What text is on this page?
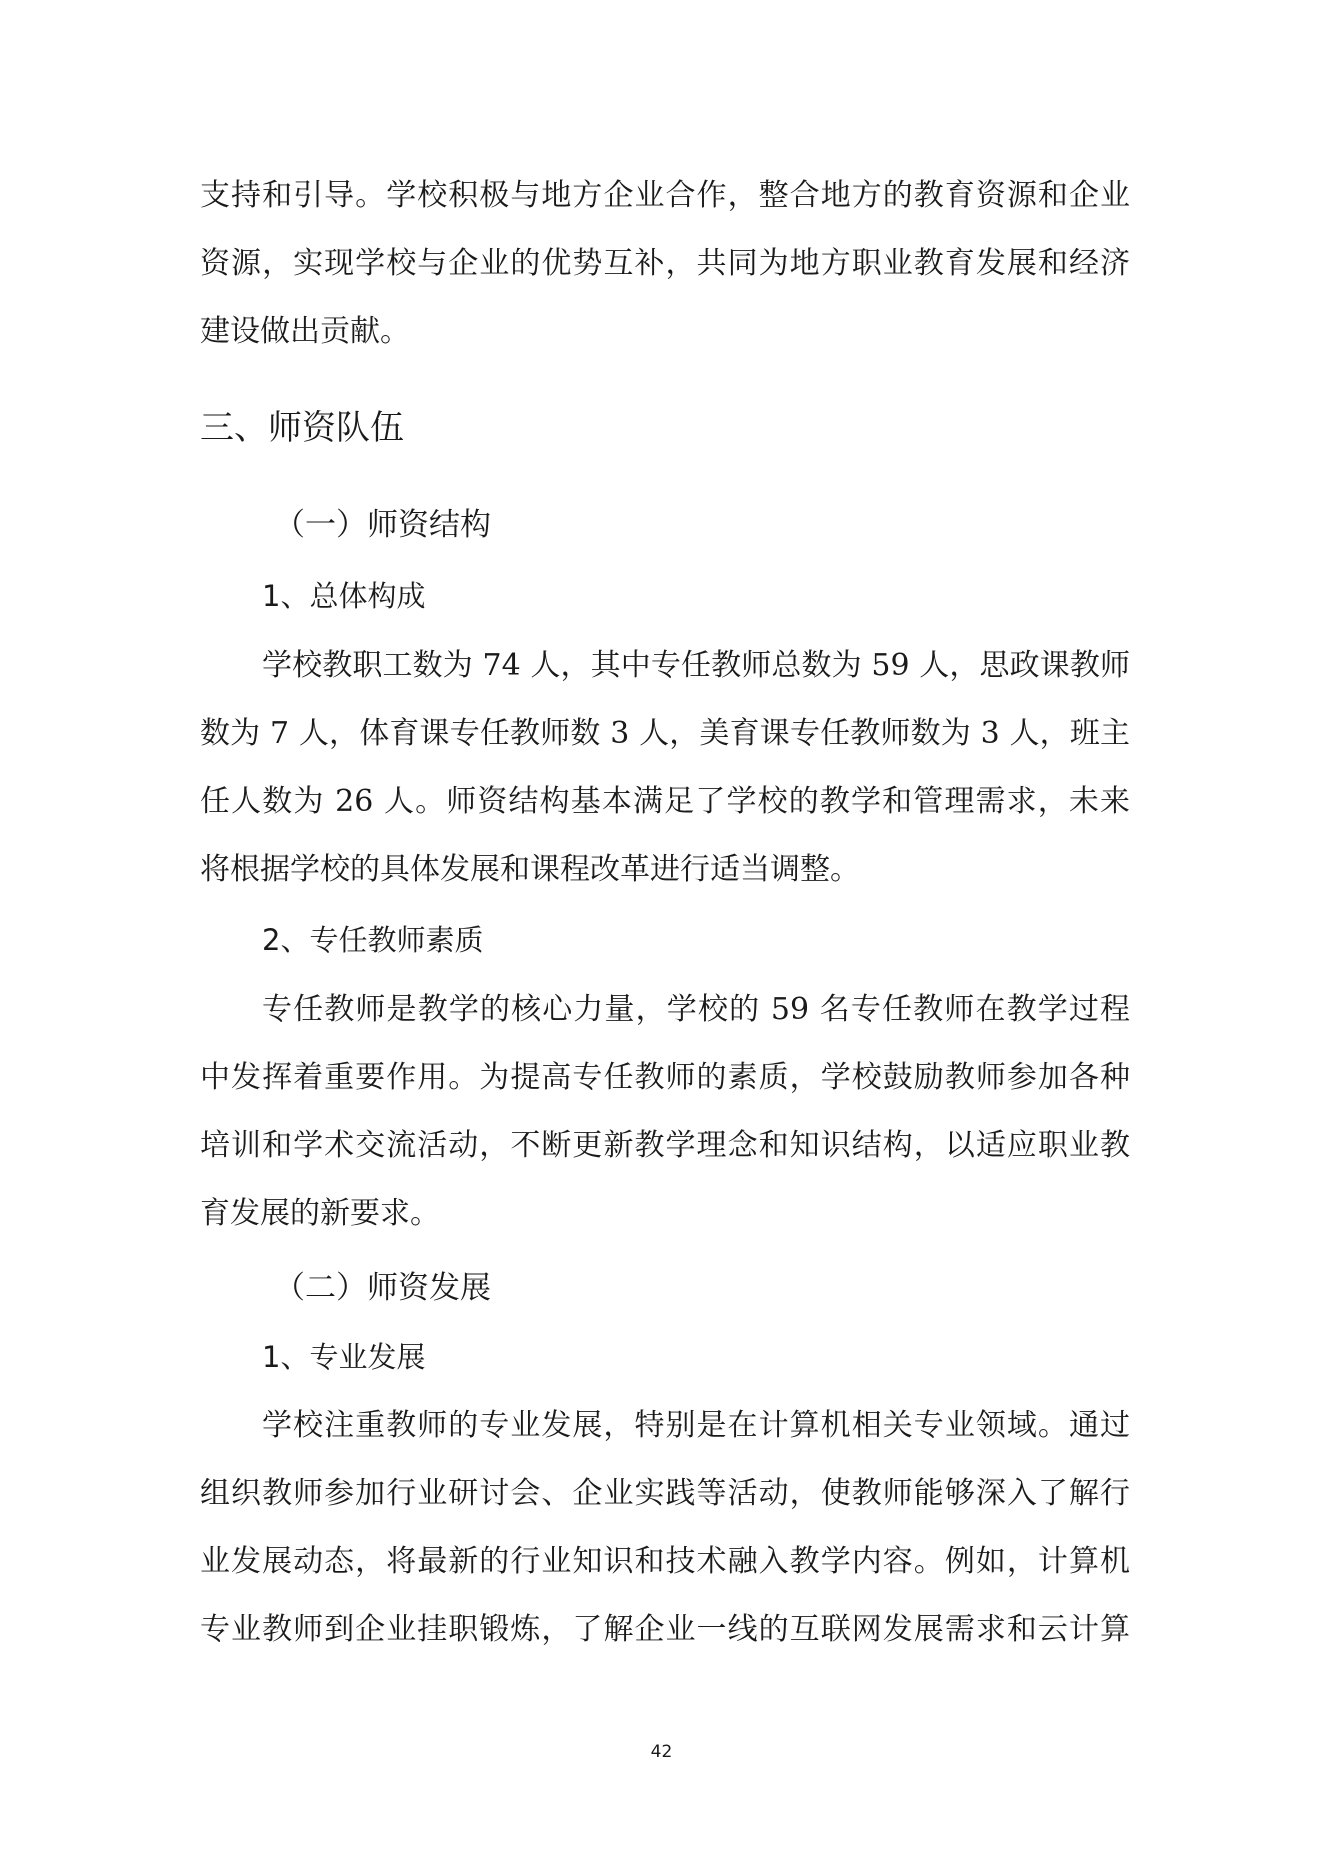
支持和引导。学校积极与地方企业合作，整合地方的教育资源和企业
资源，实现学校与企业的优势互补，共同为地方职业教育发展和经济
建设做出贡献。
三、师资队伍
（一）师资结构
1、总体构成
学校教职工数为 74 人，其中专任教师总数为 59 人，思政课教师
数为 7 人，体育课专任教师数 3 人，美育课专任教师数为 3 人，班主
任人数为 26 人。师资结构基本满足了学校的教学和管理需求，未来
将根据学校的具体发展和课程改革进行适当调整。
2、专任教师素质
专任教师是教学的核心力量，学校的 59 名专任教师在教学过程
中发挥着重要作用。为提高专任教师的素质，学校鼓励教师参加各种
培训和学术交流活动，不断更新教学理念和知识结构，以适应职业教
育发展的新要求。
（二）师资发展
1、专业发展
学校注重教师的专业发展，特别是在计算机相关专业领域。通过
组织教师参加行业研讨会、企业实践等活动，使教师能够深入了解行
业发展动态，将最新的行业知识和技术融入教学内容。例如，计算机
专业教师到企业挂职锻炼，了解企业一线的互联网发展需求和云计算
42
